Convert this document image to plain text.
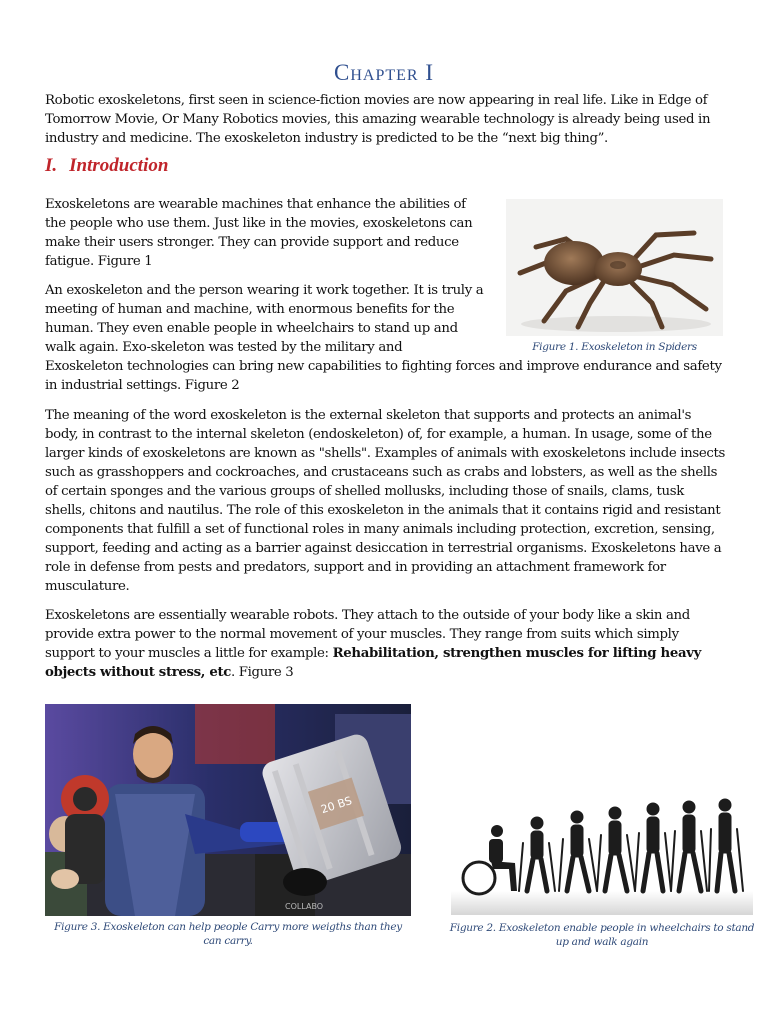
Chapter I

Robotic exoskeletons, first seen in science-fiction movies are now appearing in real life. Like in Edge of Tomorrow Movie, Or Many Robotics movies, this amazing wearable technology is already being used in industry and medicine. The exoskeleton industry is predicted to be the “next big thing”.

I. Introduction

Exoskeletons are wearable machines that enhance the abilities of the people who use them. Just like in the movies, exoskeletons can make their users stronger. They can provide support and reduce fatigue. Figure 1

An exoskeleton and the person wearing it work together. It is truly a meeting of human and machine, with enormous benefits for the human. They even enable people in wheelchairs to stand up and walk again. Exo-skeleton was tested by the military and

Exoskeleton technologies can bring new capabilities to fighting forces and improve endurance and safety in industrial settings. Figure 2

The meaning of the word exoskeleton is the external skeleton that supports and protects an animal's body, in contrast to the internal skeleton (endoskeleton) of, for example, a human. In usage, some of the larger kinds of exoskeletons are known as "shells". Examples of animals with exoskeletons include insects such as grasshoppers and cockroaches, and crustaceans such as crabs and lobsters, as well as the shells of certain sponges and the various groups of shelled mollusks, including those of snails, clams, tusk shells, chitons and nautilus. The role of this exoskeleton in the animals that it contains rigid and resistant components that fulfill a set of functional roles in many animals including protection, excretion, sensing, support, feeding and acting as a barrier against desiccation in terrestrial organisms. Exoskeletons have a role in defense from pests and predators, support and in providing an attachment framework for musculature.

Exoskeletons are essentially wearable robots. They attach to the outside of your body like a skin and provide extra power to the normal movement of your muscles. They range from suits which simply support to your muscles a little for example: Rehabilitation, strengthen muscles for lifting heavy objects without stress, etc. Figure 3

Figure 1. Exoskeleton in Spiders
20 BS
COLLABO
Figure 3. Exoskeleton can help people Carry more weigths than they can carry.
Figure 2. Exoskeleton enable people in wheelchairs to stand up and walk again
